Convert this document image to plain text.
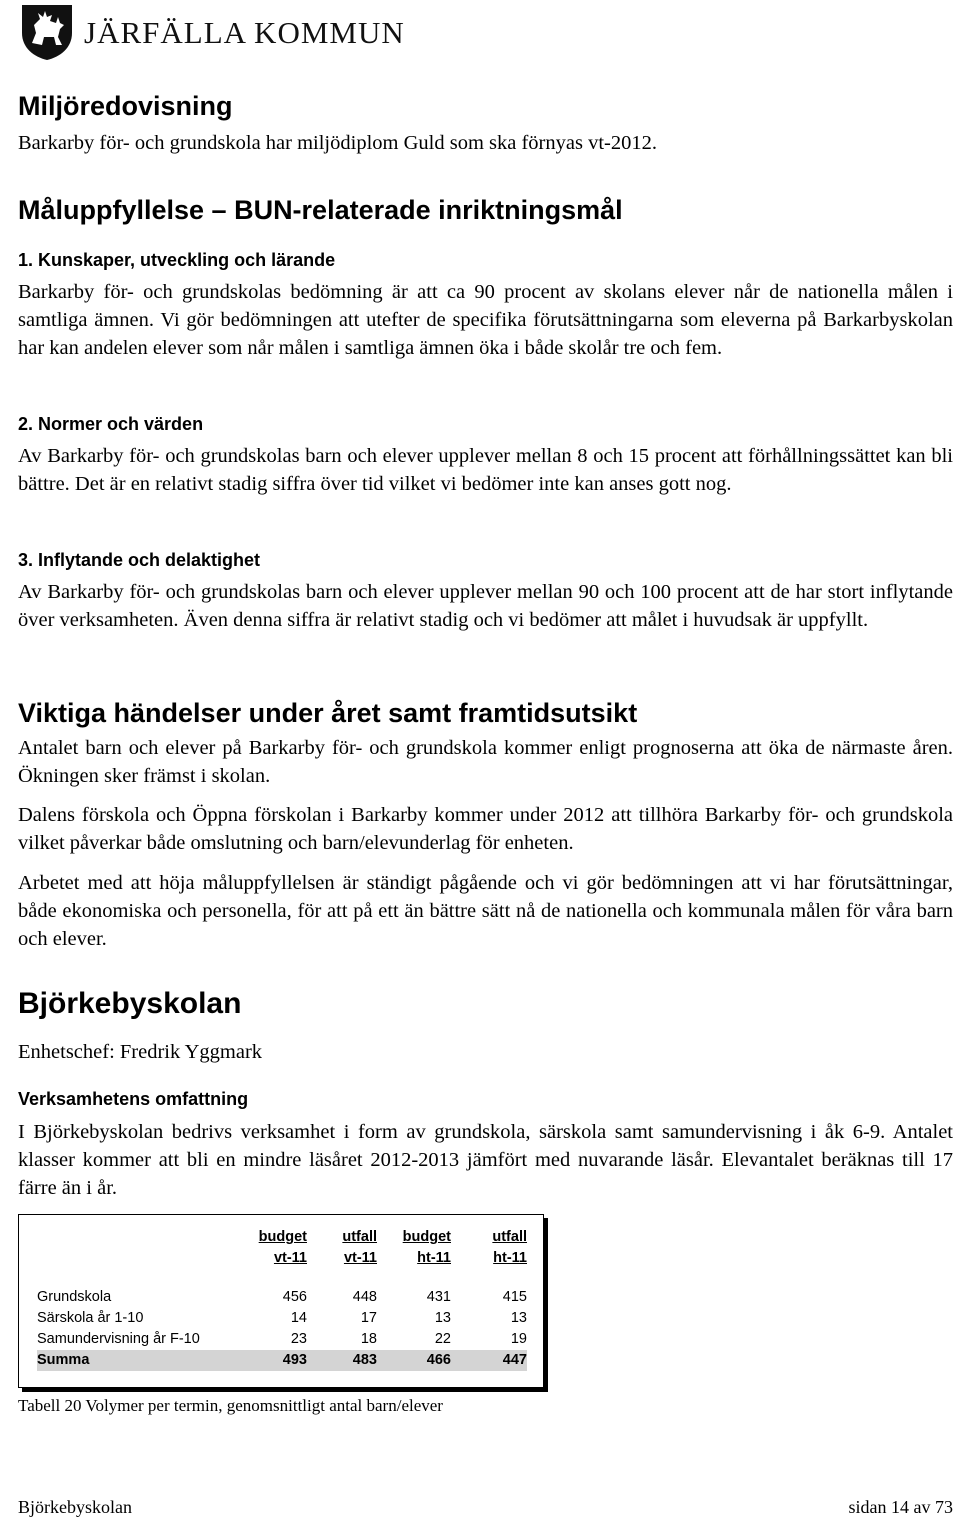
JÄRFÄLLA KOMMUN
Miljöredovisning

Barkarby för- och grundskola har miljödiplom Guld som ska förnyas vt-2012.

Måluppfyllelse – BUN-relaterade inriktningsmål
1. Kunskaper, utveckling och lärande

Barkarby för- och grundskolas bedömning är att ca 90 procent av skolans elever når de nationella målen i samtliga ämnen. Vi gör bedömningen att utefter de specifika förutsättningarna som eleverna på Barkarbyskolan har kan andelen elever som når målen i samtliga ämnen öka i både skolår tre och fem.

2. Normer och värden

Av Barkarby för- och grundskolas barn och elever upplever mellan 8 och 15 procent att förhållningssättet kan bli bättre. Det är en relativt stadig siffra över tid vilket vi bedömer inte kan anses gott nog.

3. Inflytande och delaktighet

Av Barkarby för- och grundskolas barn och elever upplever mellan 90 och 100 procent att de har stort inflytande över verksamheten. Även denna siffra är relativt stadig och vi bedömer att målet i huvudsak är uppfyllt.

Viktiga händelser under året samt framtidsutsikt

Antalet barn och elever på Barkarby för- och grundskola kommer enligt prognoserna att öka de närmaste åren. Ökningen sker främst i skolan.

Dalens förskola och Öppna förskolan i Barkarby kommer under 2012 att tillhöra Barkarby för- och grundskola vilket påverkar både omslutning och barn/elevunderlag för enheten.

Arbetet med att höja måluppfyllelsen är ständigt pågående och vi gör bedömningen att vi har förutsättningar, både ekonomiska och personella, för att på ett än bättre sätt nå de nationella och kommunala målen för våra barn och elever.

Björkebyskolan

Enhetschef: Fredrik Yggmark

Verksamhetens omfattning

I Björkebyskolan bedrivs verksamhet i form av grundskola, särskola samt samundervisning i åk 6-9. Antalet klasser kommer att bli en mindre läsåret 2012-2013 jämfört med nuvarande läsår. Elevantalet beräknas till 17 färre än i år.

	budget	utfall	budget	utfall
	vt-11	vt-11	ht-11	ht-11

Grundskola	456	448	431	415
Särskola år 1-10	14	17	13	13
Samundervisning år F-10	23	18	22	19
Summa	493	483	466	447
Tabell 20 Volymer per termin, genomsnittligt antal barn/elever
Björkebyskolan	sidan 14 av 73
